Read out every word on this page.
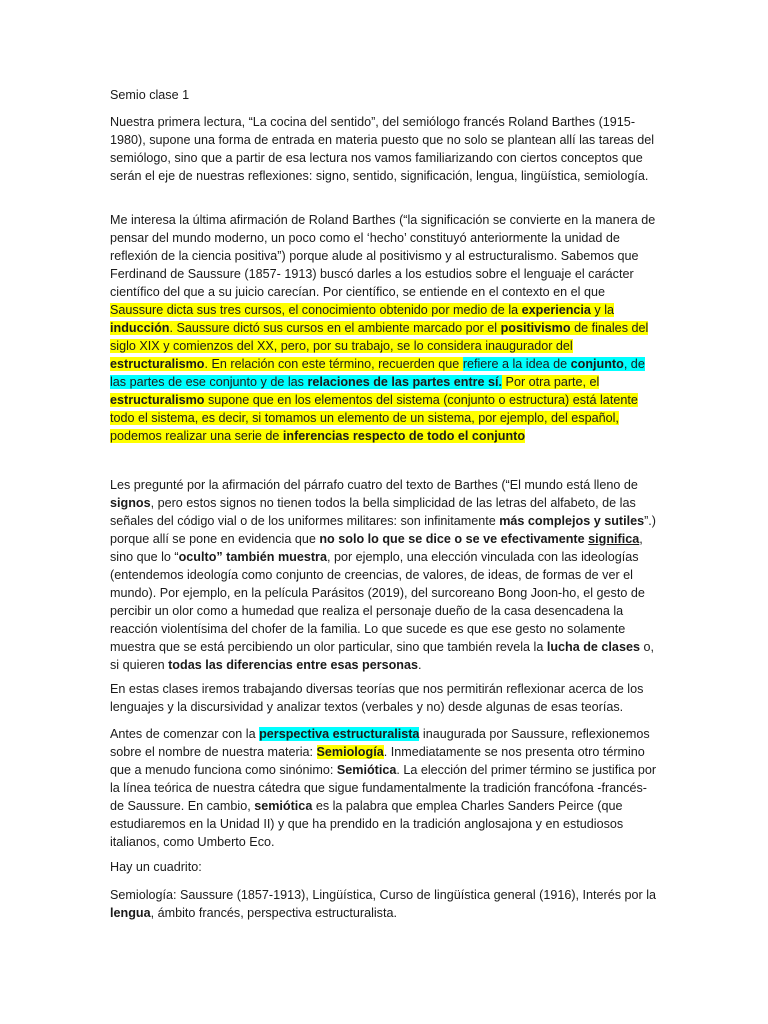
Semio clase 1

Nuestra primera lectura, “La cocina del sentido”, del semiólogo francés Roland Barthes (1915-1980), supone una forma de entrada en materia puesto que no solo se plantean allí las tareas del semiólogo, sino que a partir de esa lectura nos vamos familiarizando con ciertos conceptos que serán el eje de nuestras reflexiones: signo, sentido, significación, lengua, lingüística, semiología.

Me interesa la última afirmación de Roland Barthes (“la significación se convierte en la manera de pensar del mundo moderno, un poco como el ‘hecho’ constituyó anteriormente la unidad de reflexión de la ciencia positiva”) porque alude al positivismo y al estructuralismo. Sabemos que Ferdinand de Saussure (1857- 1913) buscó darles a los estudios sobre el lenguaje el carácter científico del que a su juicio carecían. Por científico, se entiende en el contexto en el que Saussure dicta sus tres cursos, el conocimiento obtenido por medio de la experiencia y la inducción. Saussure dictó sus cursos en el ambiente marcado por el positivismo de finales del siglo XIX y comienzos del XX, pero, por su trabajo, se lo considera inaugurador del estructuralismo. En relación con este término, recuerden que refiere a la idea de conjunto, de las partes de ese conjunto y de las relaciones de las partes entre sí. Por otra parte, el estructuralismo supone que en los elementos del sistema (conjunto o estructura) está latente todo el sistema, es decir, si tomamos un elemento de un sistema, por ejemplo, del español, podemos realizar una serie de inferencias respecto de todo el conjunto

Les pregunté por la afirmación del párrafo cuatro del texto de Barthes (“El mundo está lleno de signos, pero estos signos no tienen todos la bella simplicidad de las letras del alfabeto, de las señales del código vial o de los uniformes militares: son infinitamente más complejos y sutiles”.) porque allí se pone en evidencia que no solo lo que se dice o se ve efectivamente significa, sino que lo “oculto” también muestra, por ejemplo, una elección vinculada con las ideologías (entendemos ideología como conjunto de creencias, de valores, de ideas, de formas de ver el mundo). Por ejemplo, en la película Parásitos (2019), del surcoreano Bong Joon-ho, el gesto de percibir un olor como a humedad que realiza el personaje dueño de la casa desencadena la reacción violentísima del chofer de la familia. Lo que sucede es que ese gesto no solamente muestra que se está percibiendo un olor particular, sino que también revela la lucha de clases o, si quieren todas las diferencias entre esas personas.

En estas clases iremos trabajando diversas teorías que nos permitirán reflexionar acerca de los lenguajes y la discursividad y analizar textos (verbales y no) desde algunas de esas teorías.

Antes de comenzar con la perspectiva estructuralista inaugurada por Saussure, reflexionemos sobre el nombre de nuestra materia: Semiología. Inmediatamente se nos presenta otro término que a menudo funciona como sinónimo: Semiótica. La elección del primer término se justifica por la línea teórica de nuestra cátedra que sigue fundamentalmente la tradición francófona -francés- de Saussure. En cambio, semiótica es la palabra que emplea Charles Sanders Peirce (que estudiaremos en la Unidad II) y que ha prendido en la tradición anglosajona y en estudiosos italianos, como Umberto Eco.

Hay un cuadrito:

Semiología: Saussure (1857-1913), Lingüística, Curso de lingüística general (1916), Interés por la lengua, ámbito francés, perspectiva estructuralista.
